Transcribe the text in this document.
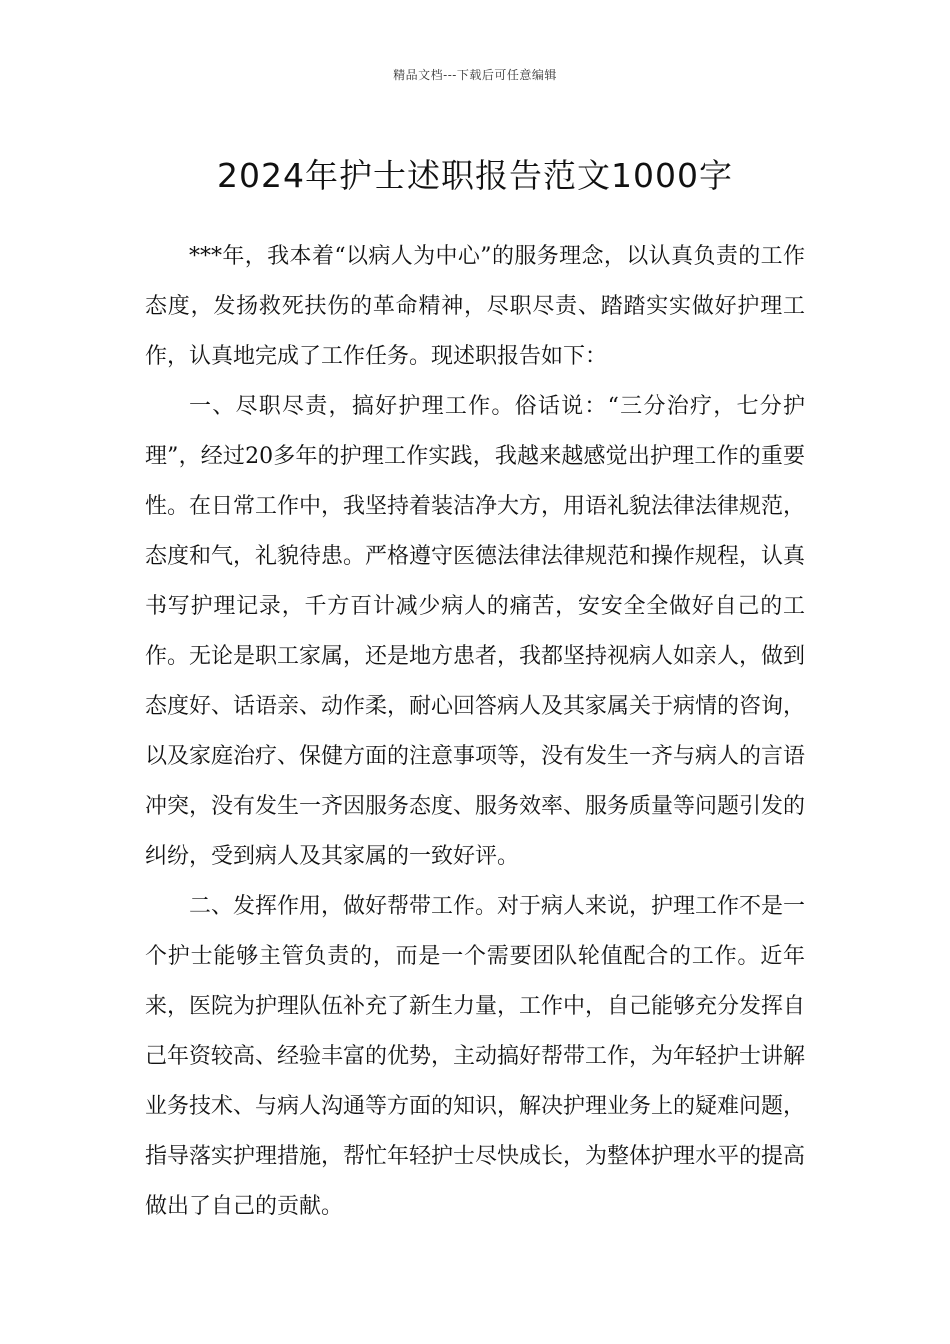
精品文档---下载后可任意编辑
2024年护士述职报告范文1000字

***年，我本着“以病人为中心”的服务理念，以认真负责的工作态度，发扬救死扶伤的革命精神，尽职尽责、踏踏实实做好护理工作，认真地完成了工作任务。现述职报告如下：

一、尽职尽责，搞好护理工作。俗话说：“三分治疗，七分护理”，经过20多年的护理工作实践，我越来越感觉出护理工作的重要性。在日常工作中，我坚持着装洁净大方，用语礼貌法律法律规范，态度和气，礼貌待患。严格遵守医德法律法律规范和操作规程，认真书写护理记录，千方百计减少病人的痛苦，安安全全做好自己的工作。无论是职工家属，还是地方患者，我都坚持视病人如亲人，做到态度好、话语亲、动作柔，耐心回答病人及其家属关于病情的咨询，以及家庭治疗、保健方面的注意事项等，没有发生一齐与病人的言语冲突，没有发生一齐因服务态度、服务效率、服务质量等问题引发的纠纷，受到病人及其家属的一致好评。

二、发挥作用，做好帮带工作。对于病人来说，护理工作不是一个护士能够主管负责的，而是一个需要团队轮值配合的工作。近年来，医院为护理队伍补充了新生力量，工作中，自己能够充分发挥自己年资较高、经验丰富的优势，主动搞好帮带工作，为年轻护士讲解业务技术、与病人沟通等方面的知识，解决护理业务上的疑难问题，指导落实护理措施，帮忙年轻护士尽快成长，为整体护理水平的提高做出了自己的贡献。
